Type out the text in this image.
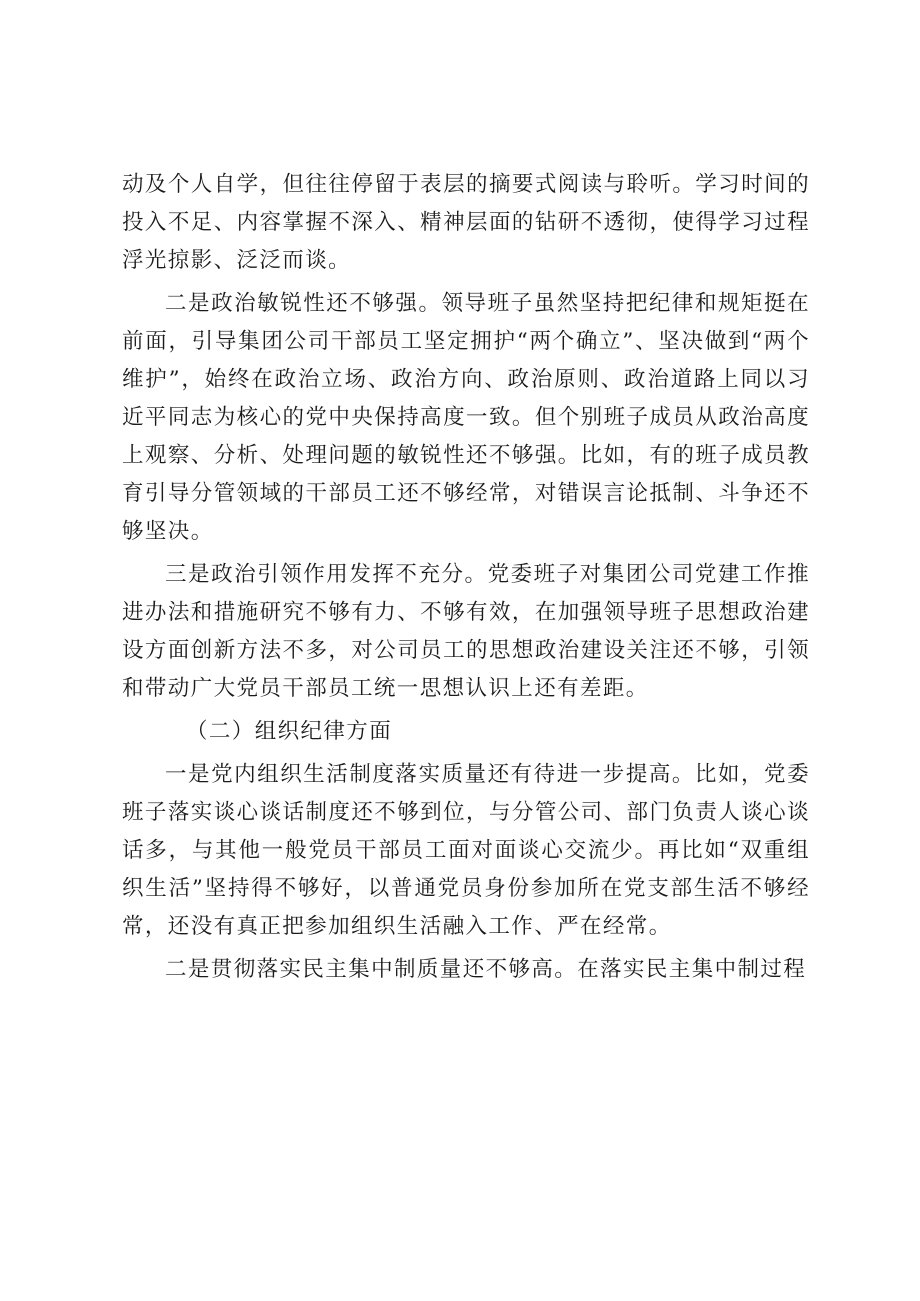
动及个人自学，但往往停留于表层的摘要式阅读与聆听。学习时间的投入不足、内容掌握不深入、精神层面的钻研不透彻，使得学习过程浮光掠影、泛泛而谈。

二是政治敏锐性还不够强。领导班子虽然坚持把纪律和规矩挺在前面，引导集团公司干部员工坚定拥护“两个确立”、坚决做到“两个维护”，始终在政治立场、政治方向、政治原则、政治道路上同以习近平同志为核心的党中央保持高度一致。但个别班子成员从政治高度上观察、分析、处理问题的敏锐性还不够强。比如，有的班子成员教育引导分管领域的干部员工还不够经常，对错误言论抵制、斗争还不够坚决。

三是政治引领作用发挥不充分。党委班子对集团公司党建工作推进办法和措施研究不够有力、不够有效，在加强领导班子思想政治建设方面创新方法不多，对公司员工的思想政治建设关注还不够，引领和带动广大党员干部员工统一思想认识上还有差距。

（二）组织纪律方面

一是党内组织生活制度落实质量还有待进一步提高。比如，党委班子落实谈心谈话制度还不够到位，与分管公司、部门负责人谈心谈话多，与其他一般党员干部员工面对面谈心交流少。再比如“双重组织生活”坚持得不够好，以普通党员身份参加所在党支部生活不够经常，还没有真正把参加组织生活融入工作、严在经常。

二是贯彻落实民主集中制质量还不够高。在落实民主集中制过程
